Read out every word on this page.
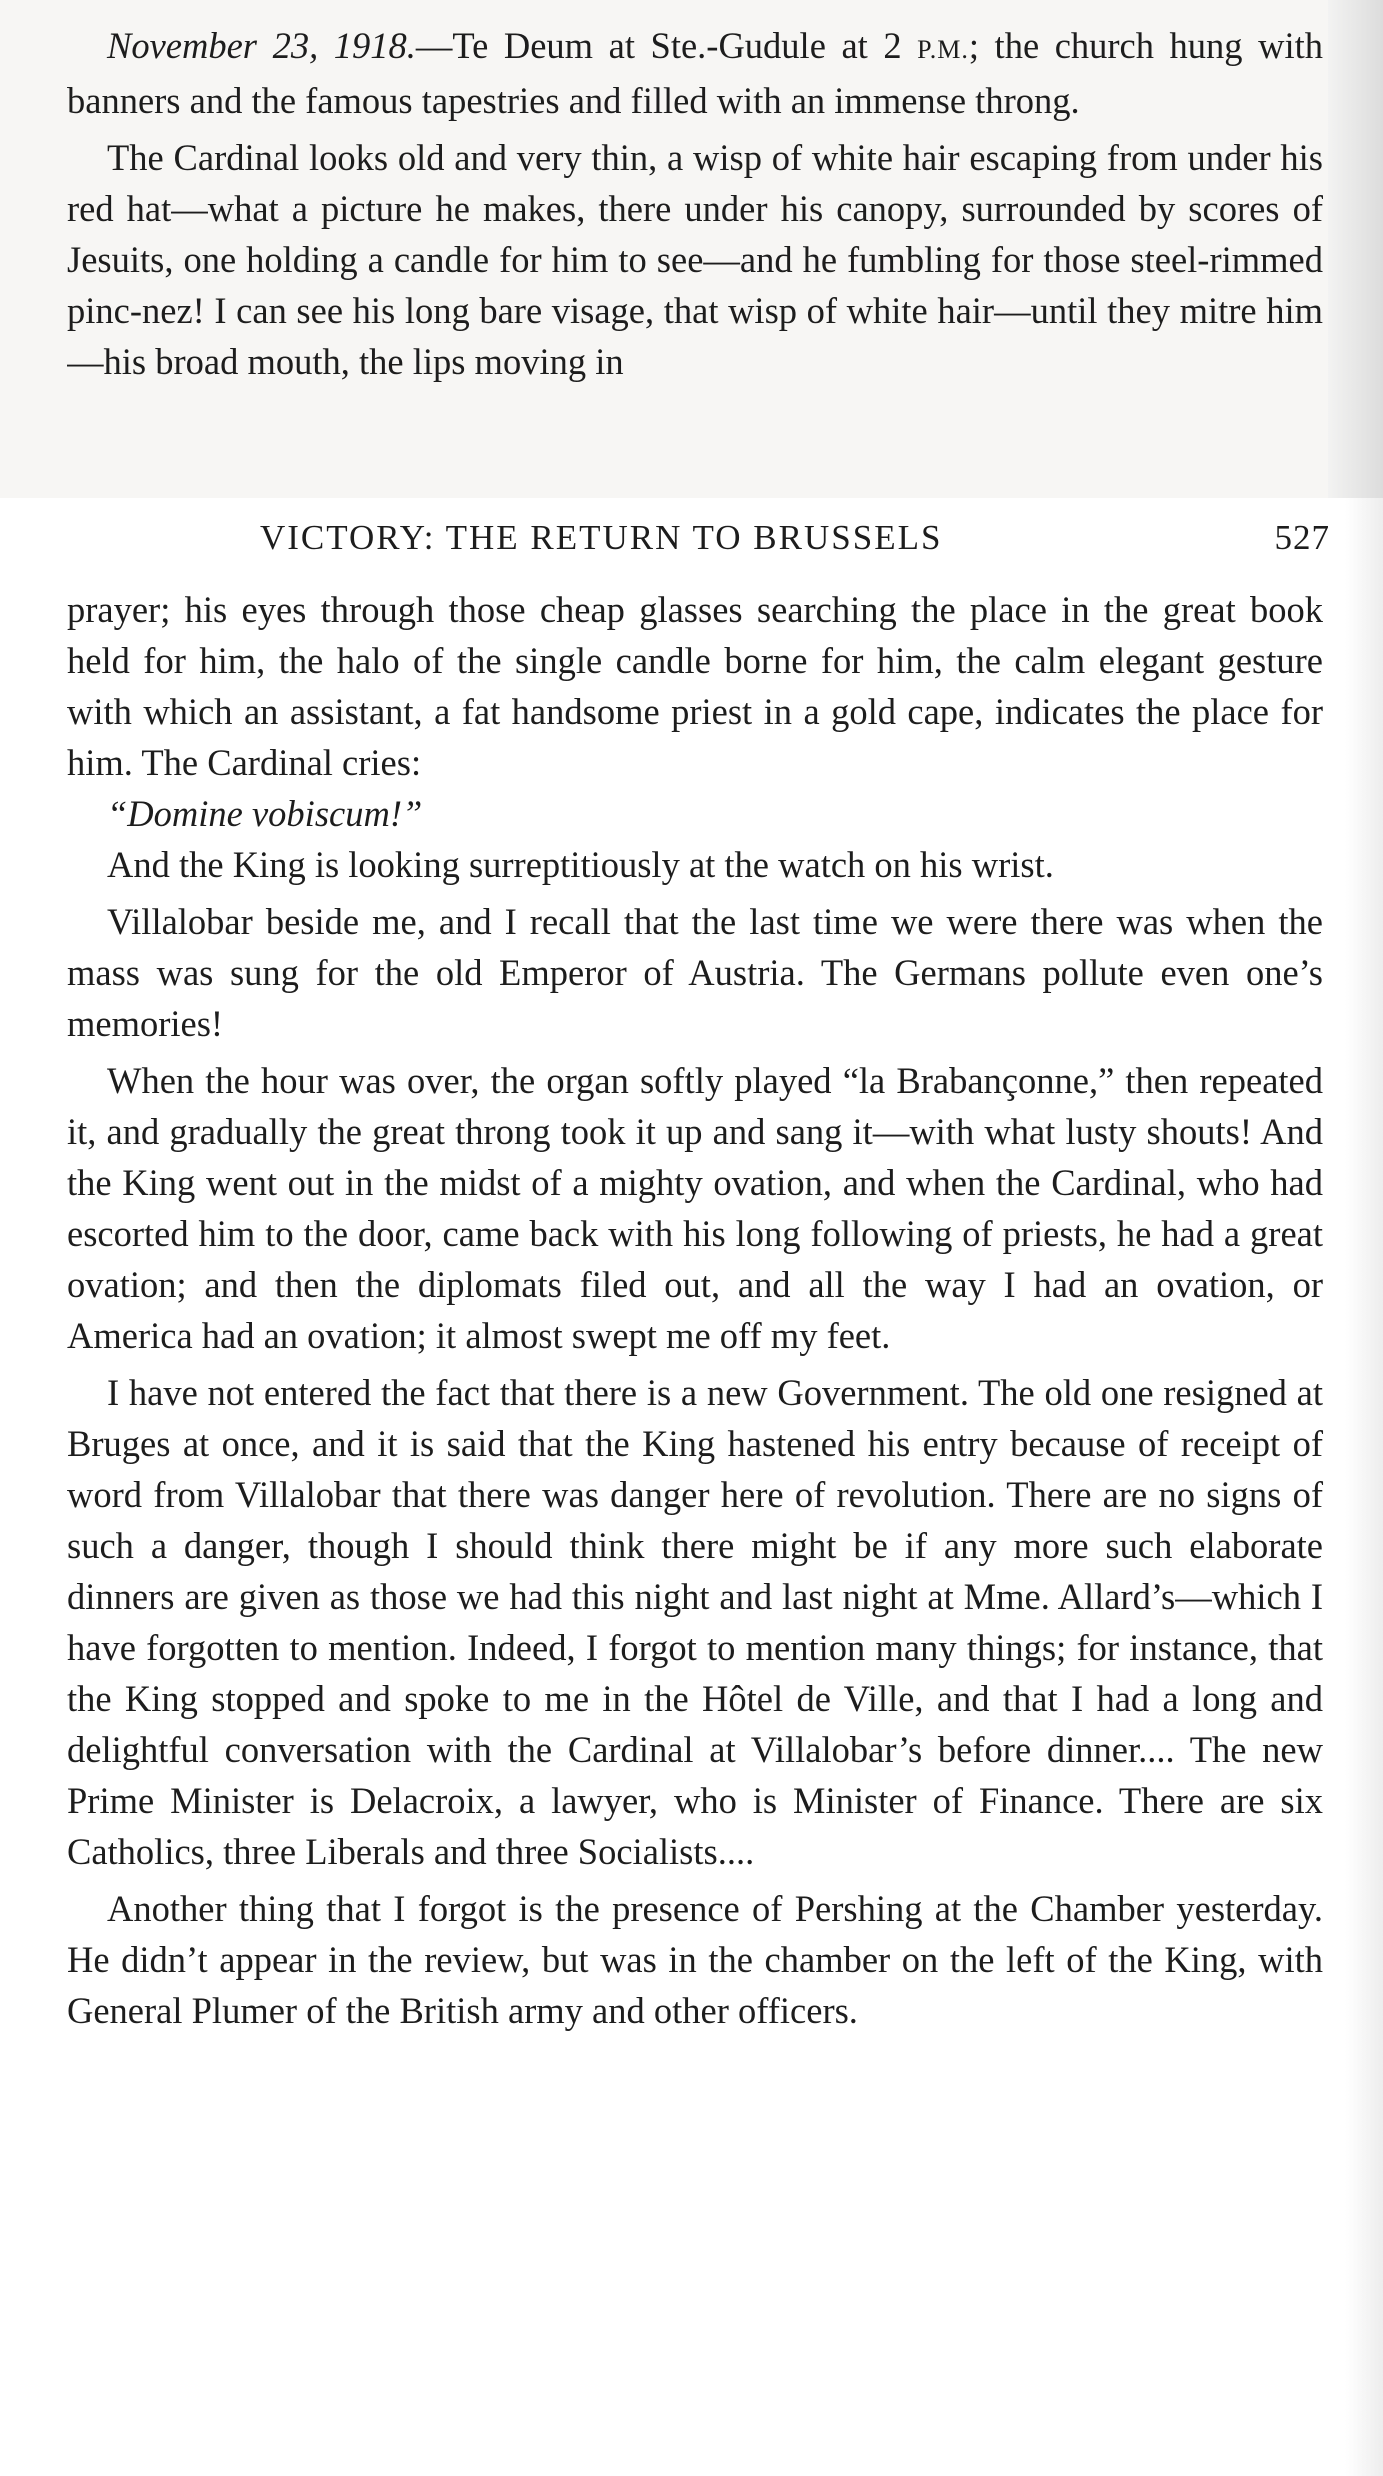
November 23, 1918.—Te Deum at Ste.-Gudule at 2 P.M.; the church hung with banners and the famous tapestries and filled with an immense throng.

The Cardinal looks old and very thin, a wisp of white hair escaping from under his red hat—what a picture he makes, there under his canopy, surrounded by scores of Jesuits, one holding a candle for him to see—and he fumbling for those steel-rimmed pinc-nez! I can see his long bare visage, that wisp of white hair—until they mitre him—his broad mouth, the lips moving in

VICTORY: THE RETURN TO BRUSSELS	527

prayer; his eyes through those cheap glasses searching the place in the great book held for him, the halo of the single candle borne for him, the calm elegant gesture with which an assistant, a fat handsome priest in a gold cape, indicates the place for him. The Cardinal cries:

“Domine vobiscum!”

And the King is looking surreptitiously at the watch on his wrist.

Villalobar beside me, and I recall that the last time we were there was when the mass was sung for the old Emperor of Austria. The Germans pollute even one’s memories!

When the hour was over, the organ softly played “la Brabançonne,” then repeated it, and gradually the great throng took it up and sang it—with what lusty shouts! And the King went out in the midst of a mighty ovation, and when the Cardinal, who had escorted him to the door, came back with his long following of priests, he had a great ovation; and then the diplomats filed out, and all the way I had an ovation, or America had an ovation; it almost swept me off my feet.

I have not entered the fact that there is a new Government. The old one resigned at Bruges at once, and it is said that the King hastened his entry because of receipt of word from Villalobar that there was danger here of revolution. There are no signs of such a danger, though I should think there might be if any more such elaborate dinners are given as those we had this night and last night at Mme. Allard’s—which I have forgotten to mention. Indeed, I forgot to mention many things; for instance, that the King stopped and spoke to me in the Hôtel de Ville, and that I had a long and delightful conversation with the Cardinal at Villalobar’s before dinner.... The new Prime Minister is Delacroix, a lawyer, who is Minister of Finance. There are six Catholics, three Liberals and three Socialists....

Another thing that I forgot is the presence of Pershing at the Chamber yesterday. He didn’t appear in the review, but was in the chamber on the left of the King, with General Plumer of the British army and other officers.
